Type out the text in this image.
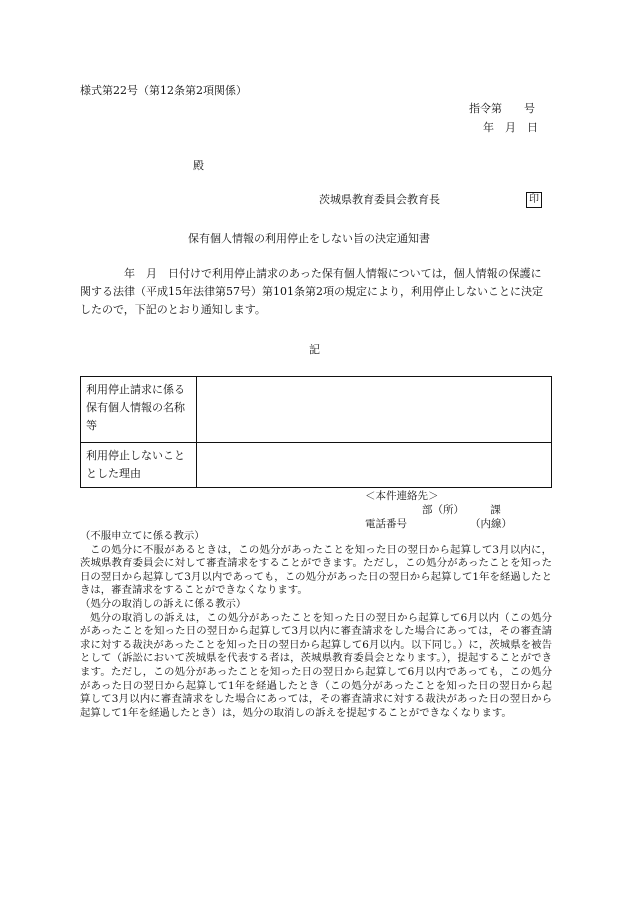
様式第22号（第12条第2項関係）
指令第　　号
年　月　日
殿
茨城県教育委員会教育長	印
保有個人情報の利用停止をしない旨の決定通知書
年　月　日付けで利用停止請求のあった保有個人情報については，個人情報の保護に関する法律（平成15年法律第57号）第101条第2項の規定により，利用停止しないことに決定したので，下記のとおり通知します。
記
利用停止請求に係る保有個人情報の名称等	
利用停止しないこととした理由	
＜本件連絡先＞
部（所）　　　課
電話番号	（内線）
（不服申立てに係る教示）

この処分に不服があるときは，この処分があったことを知った日の翌日から起算して3月以内に，茨城県教育委員会に対して審査請求をすることができます。ただし，この処分があったことを知った日の翌日から起算して3月以内であっても，この処分があった日の翌日から起算して1年を経過したときは，審査請求をすることができなくなります。

（処分の取消しの訴えに係る教示）

処分の取消しの訴えは，この処分があったことを知った日の翌日から起算して6月以内（この処分があったことを知った日の翌日から起算して3月以内に審査請求をした場合にあっては，その審査請求に対する裁決があったことを知った日の翌日から起算して6月以内。以下同じ。）に，茨城県を被告として（訴訟において茨城県を代表する者は，茨城県教育委員会となります。），提起することができます。ただし，この処分があったことを知った日の翌日から起算して6月以内であっても，この処分があった日の翌日から起算して1年を経過したとき（この処分があったことを知った日の翌日から起算して3月以内に審査請求をした場合にあっては，その審査請求に対する裁決があった日の翌日から起算して1年を経過したとき）は，処分の取消しの訴えを提起することができなくなります。
